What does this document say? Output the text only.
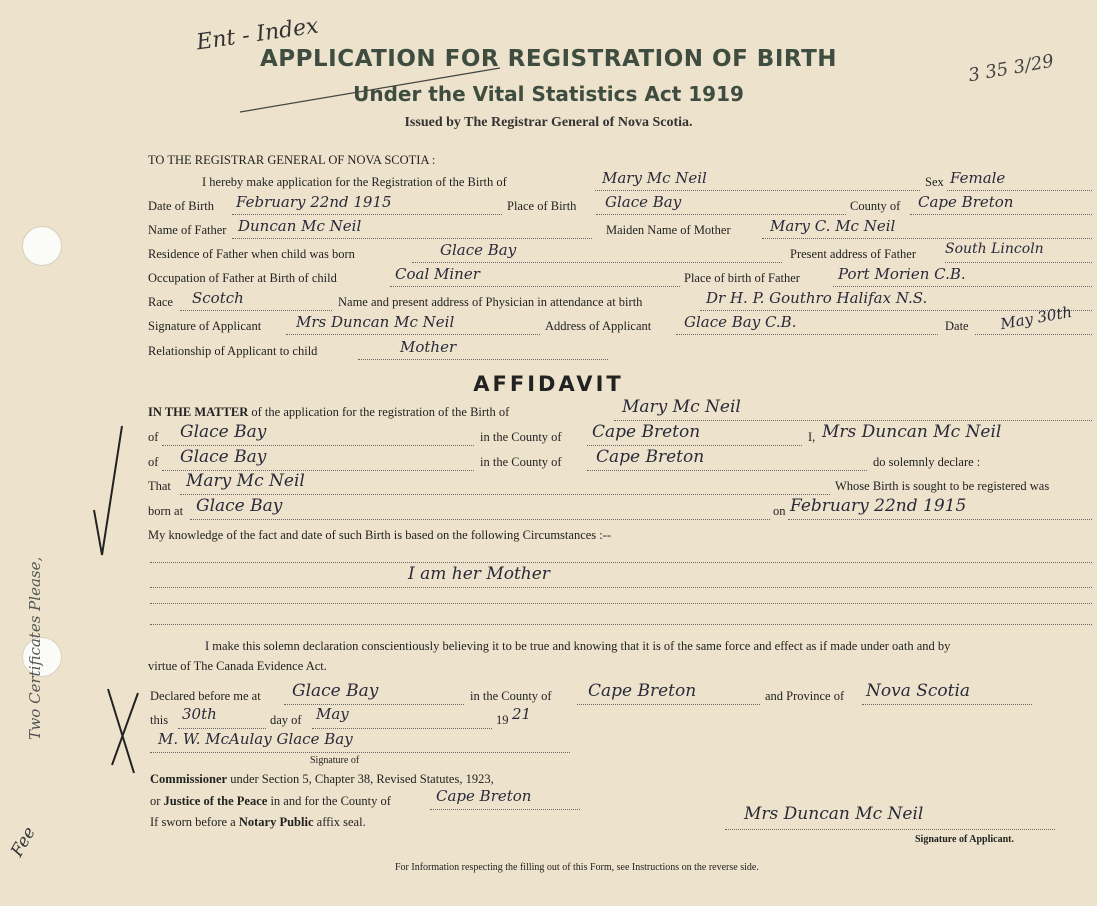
Ent - Index
3 35 3/29
Two Certificates Please,
Fee
APPLICATION FOR REGISTRATION OF BIRTH
Under the Vital Statistics Act 1919
Issued by The Registrar General of Nova Scotia.
TO THE REGISTRAR GENERAL OF NOVA SCOTIA :
I hereby make application for the Registration of the Birth of	Mary Mc Neil	Sex Female
Date of Birth February 22nd 1915	Place of Birth Glace Bay	County of Cape Breton
Name of Father Duncan Mc Neil	Maiden Name of Mother	Mary C. Mc Neil
Residence of Father when child was born	Glace Bay	Present address of Father South Lincoln
Occupation of Father at Birth of child	Coal Miner	Place of birth of Father	Port Morien C.B.
Race Scotch	Name and present address of Physician in attendance at birth	Dr H. P. Gouthro Halifax N.S.
Signature of Applicant Mrs Duncan Mc Neil	Address of Applicant Glace Bay C.B.	Date May 30th
Relationship of Applicant to child	Mother
AFFIDAVIT
IN THE MATTER of the application for the registration of the Birth of	Mary Mc Neil
of Glace Bay	in the County of Cape Breton	I, Mrs Duncan Mc Neil
of Glace Bay	in the County of Cape Breton	do solemnly declare :
That Mary Mc Neil	Whose Birth is sought to be registered was
born at Glace Bay	on February 22nd 1915
My knowledge of the fact and date of such Birth is based on the following Circumstances :--
I am her Mother
I make this solemn declaration conscientiously believing it to be true and knowing that it is of the same force and effect as if made under oath and by
virtue of The Canada Evidence Act.
Declared before me at Glace Bay	in the County of Cape Breton	and Province of Nova Scotia
this 30th	day of May	19 21
M. W. McAulay Glace Bay
Signature of
Commissioner under Section 5, Chapter 38, Revised Statutes, 1923,
or Justice of the Peace in and for the County of	Cape Breton
If sworn before a Notary Public affix seal.	Mrs Duncan Mc Neil
Signature of Applicant.
For Information respecting the filling out of this Form, see Instructions on the reverse side.
